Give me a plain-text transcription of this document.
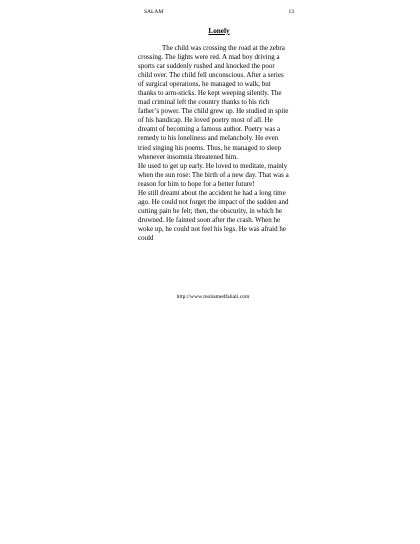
SALAM	13
Lonely

The child was crossing the road at the zebra crossing. The lights were red. A mad boy driving a sports car suddenly rushed and knocked the poor child over. The child fell unconscious. After a series of surgical operations, he managed to walk, but thanks to arm-sticks. He kept weeping silently. The mad criminal left the country thanks to his rich father’s power. The child grew up. He studied in spite of his handicap. He loved poetry most of all. He dreamt of becoming a famous author. Poetry was a remedy to his loneliness and melancholy. He even tried singing his poems. Thus, he managed to sleep whenever insomnia threatened him.

He used to get up early. He loved to meditate, mainly when the sun rose: The birth of a new day. That was a reason for him to hope for a better future!

He still dreamt about the accident he had a long time ago. He could not forget the impact of the sudden and cutting pain he felt; then, the obscurity, in which he drowned. He fainted soon after the crash. When he woke up, he could not feel his legs. He was afraid he could

http://www.mohamedfaliali.com
